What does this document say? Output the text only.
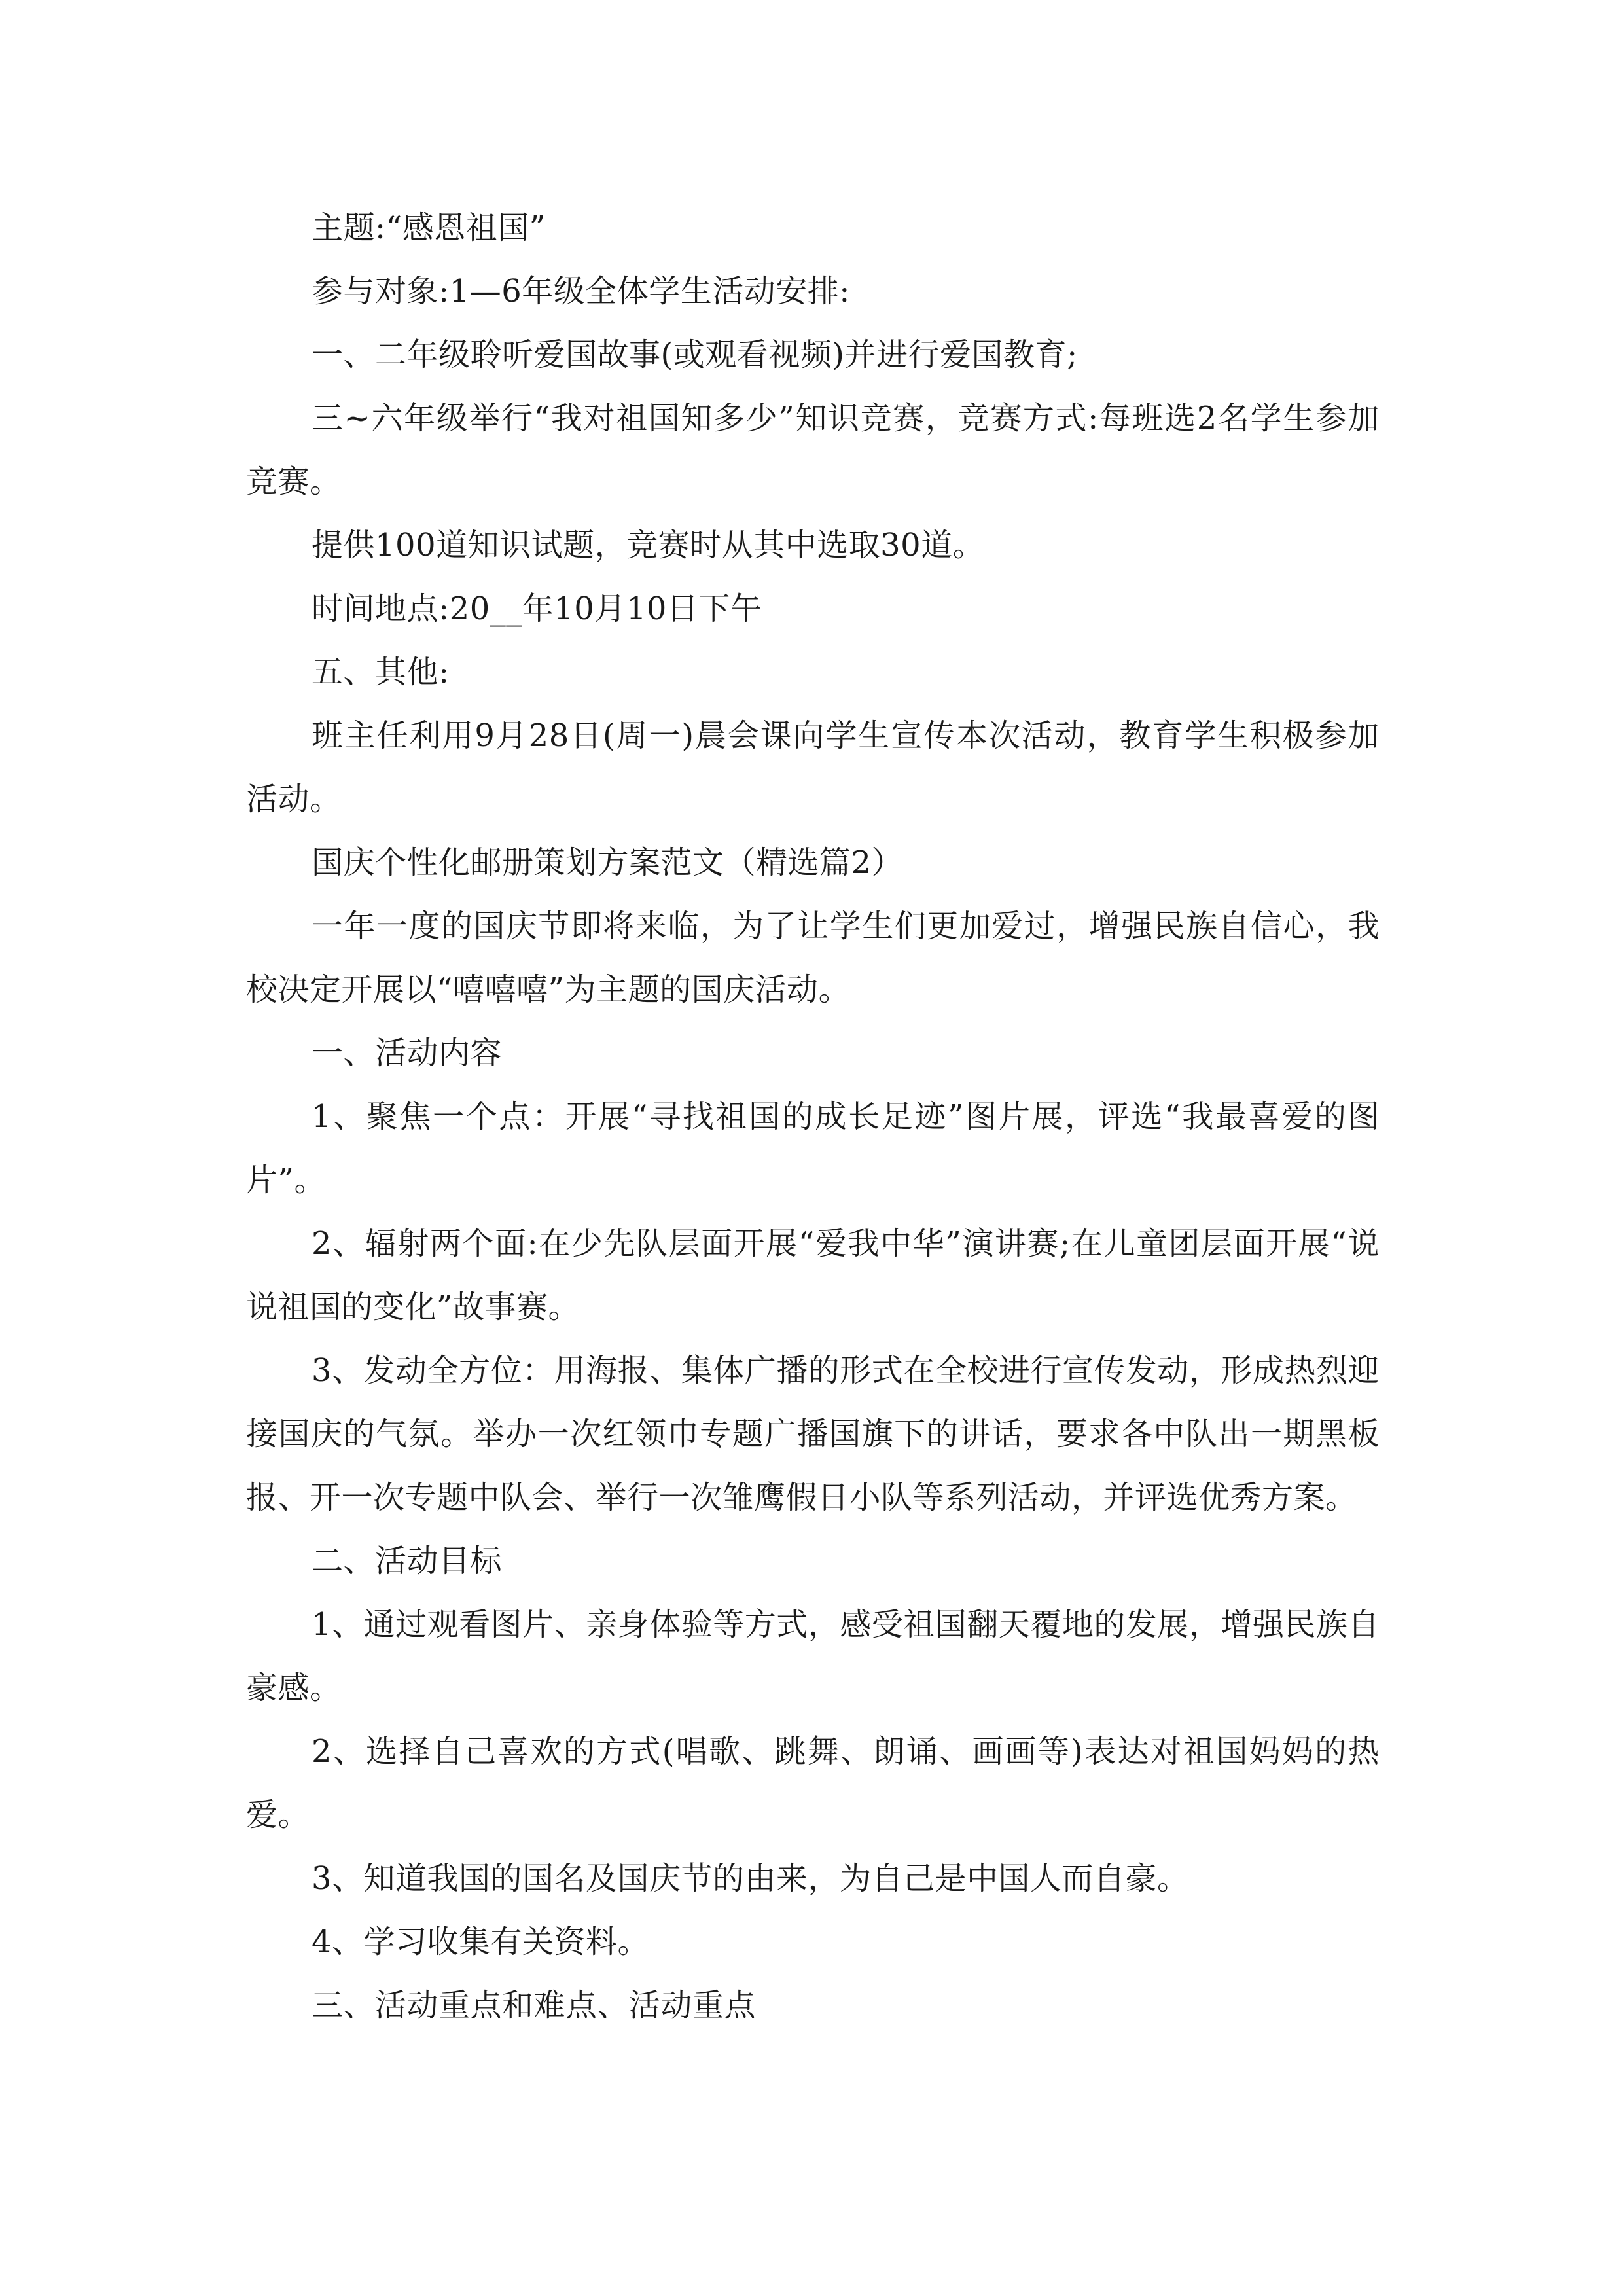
主题:“感恩祖国”

参与对象:1—6年级全体学生活动安排:

一、二年级聆听爱国故事(或观看视频)并进行爱国教育;

三~六年级举行“我对祖国知多少”知识竞赛，竞赛方式:每班选2名学生参加竞赛。

提供100道知识试题，竞赛时从其中选取30道。

时间地点:20__年10月10日下午

五、其他:

班主任利用9月28日(周一)晨会课向学生宣传本次活动，教育学生积极参加活动。

国庆个性化邮册策划方案范文（精选篇2）

一年一度的国庆节即将来临，为了让学生们更加爱过，增强民族自信心，我校决定开展以“嘻嘻嘻”为主题的国庆活动。

一、活动内容

1、聚焦一个点：开展“寻找祖国的成长足迹”图片展，评选“我最喜爱的图片”。

2、辐射两个面:在少先队层面开展“爱我中华”演讲赛;在儿童团层面开展“说说祖国的变化”故事赛。

3、发动全方位：用海报、集体广播的形式在全校进行宣传发动，形成热烈迎接国庆的气氛。举办一次红领巾专题广播国旗下的讲话，要求各中队出一期黑板报、开一次专题中队会、举行一次雏鹰假日小队等系列活动，并评选优秀方案。

二、活动目标

1、通过观看图片、亲身体验等方式，感受祖国翻天覆地的发展，增强民族自豪感。

2、选择自己喜欢的方式(唱歌、跳舞、朗诵、画画等)表达对祖国妈妈的热爱。

3、知道我国的国名及国庆节的由来，为自己是中国人而自豪。

4、学习收集有关资料。

三、活动重点和难点、活动重点
